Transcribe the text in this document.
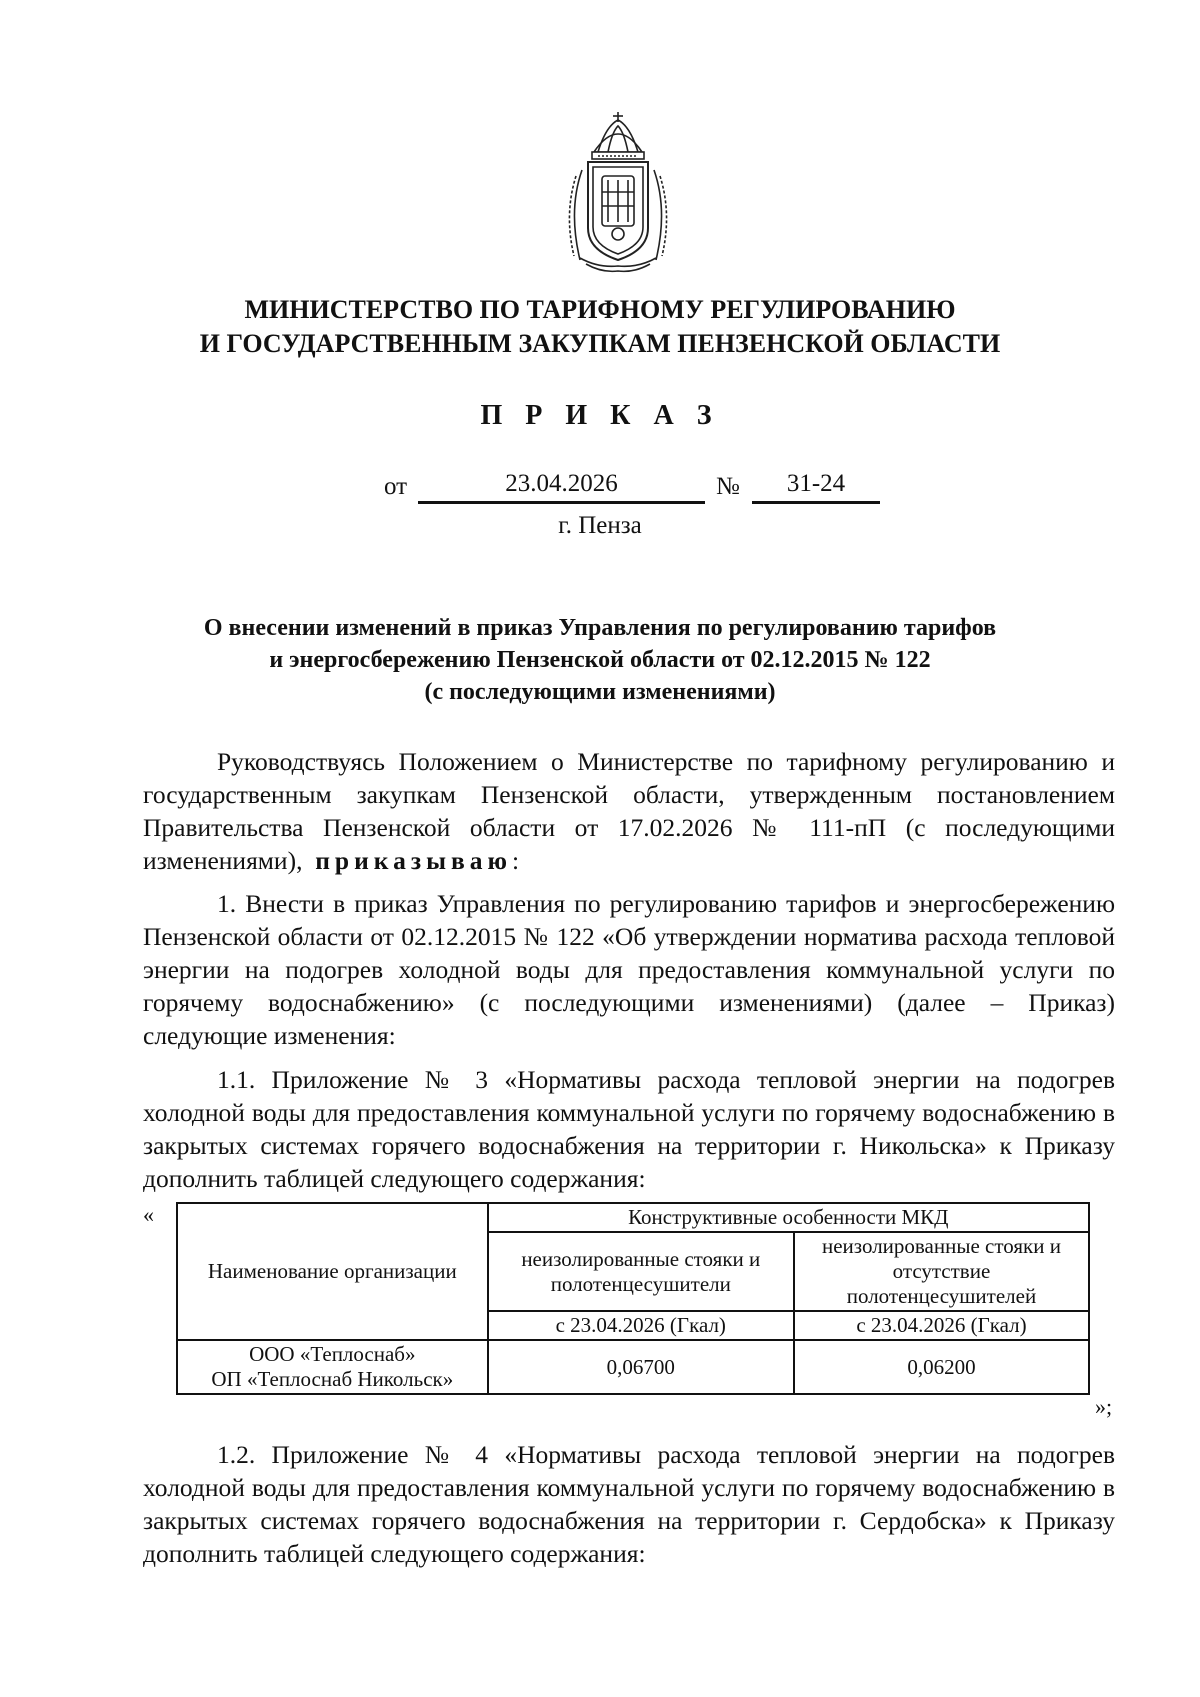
МИНИСТЕРСТВО ПО ТАРИФНОМУ РЕГУЛИРОВАНИЮ
И ГОСУДАРСТВЕННЫМ ЗАКУПКАМ ПЕНЗЕНСКОЙ ОБЛАСТИ
П Р И К А З
от	23.04.2026	№	31-24
г. Пенза
О внесении изменений в приказ Управления по регулированию тарифов
и энергосбережению Пензенской области от 02.12.2015 № 122
(с последующими изменениями)

Руководствуясь Положением о Министерстве по тарифному регулированию и государственным закупкам Пензенской области, утвержденным постановлением Правительства Пензенской области от 17.02.2026 № 111-пП (с последующими изменениями), приказываю:

1. Внести в приказ Управления по регулированию тарифов и энергосбережению Пензенской области от 02.12.2015 № 122 «Об утверждении норматива расхода тепловой энергии на подогрев холодной воды для предоставления коммунальной услуги по горячему водоснабжению» (с последующими изменениями) (далее – Приказ) следующие изменения:

1.1. Приложение № 3 «Нормативы расхода тепловой энергии на подогрев холодной воды для предоставления коммунальной услуги по горячему водоснабжению в закрытых системах горячего водоснабжения на территории г. Никольска» к Приказу дополнить таблицей следующего содержания:

«
Наименование организации	Конструктивные особенности МКД	
	неизолированные стояки и полотенцесушители	неизолированные стояки и отсутствие полотенцесушителей
	с 23.04.2026 (Гкал)	с 23.04.2026 (Гкал)

ООО «Теплоснаб»
ОП «Теплоснаб Никольск»	0,06700	0,06200
»;

1.2. Приложение № 4 «Нормативы расхода тепловой энергии на подогрев холодной воды для предоставления коммунальной услуги по горячему водоснабжению в закрытых системах горячего водоснабжения на территории г. Сердобска» к Приказу дополнить таблицей следующего содержания:
